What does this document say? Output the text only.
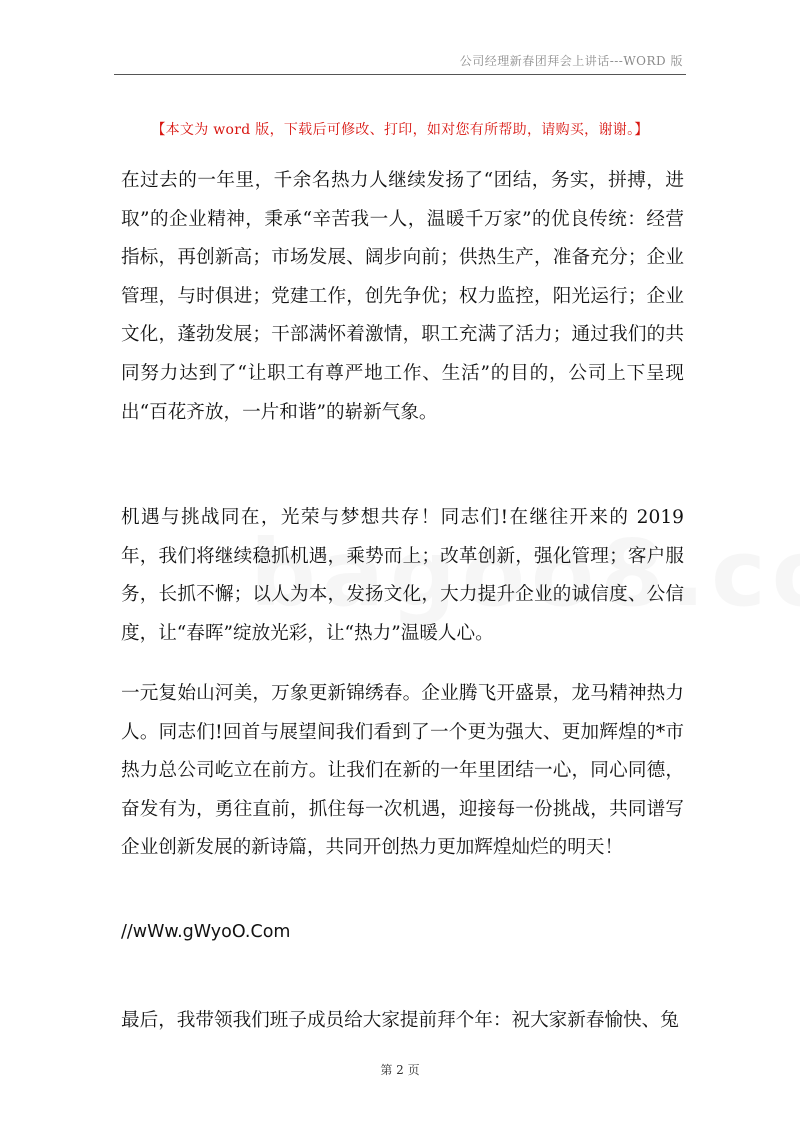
公司经理新春团拜会上讲话---WORD 版
【本文为 word 版，下载后可修改、打印，如对您有所帮助，请购买，谢谢。】

在过去的一年里，千余名热力人继续发扬了“团结，务实，拼搏，进取”的企业精神，秉承“辛苦我一人，温暖千万家”的优良传统：经营指标，再创新高；市场发展、阔步向前；供热生产，准备充分；企业管理，与时俱进；党建工作，创先争优；权力监控，阳光运行；企业文化，蓬勃发展；干部满怀着激情，职工充满了活力；通过我们的共同努力达到了“让职工有尊严地工作、生活”的目的，公司上下呈现出“百花齐放，一片和谐”的崭新气象。

机遇与挑战同在，光荣与梦想共存！同志们!在继往开来的 2019 年，我们将继续稳抓机遇，乘势而上；改革创新，强化管理；客户服务，长抓不懈；以人为本，发扬文化，大力提升企业的诚信度、公信度，让“春晖”绽放光彩，让“热力”温暖人心。

一元复始山河美，万象更新锦绣春。企业腾飞开盛景，龙马精神热力人。同志们!回首与展望间我们看到了一个更为强大、更加辉煌的*市热力总公司屹立在前方。让我们在新的一年里团结一心，同心同德，奋发有为，勇往直前，抓住每一次机遇，迎接每一份挑战，共同谱写企业创新发展的新诗篇，共同开创热力更加辉煌灿烂的明天！

//wWw.gWyoO.Com

最后，我带领我们班子成员给大家提前拜个年：祝大家新春愉快、兔

第 2 页
